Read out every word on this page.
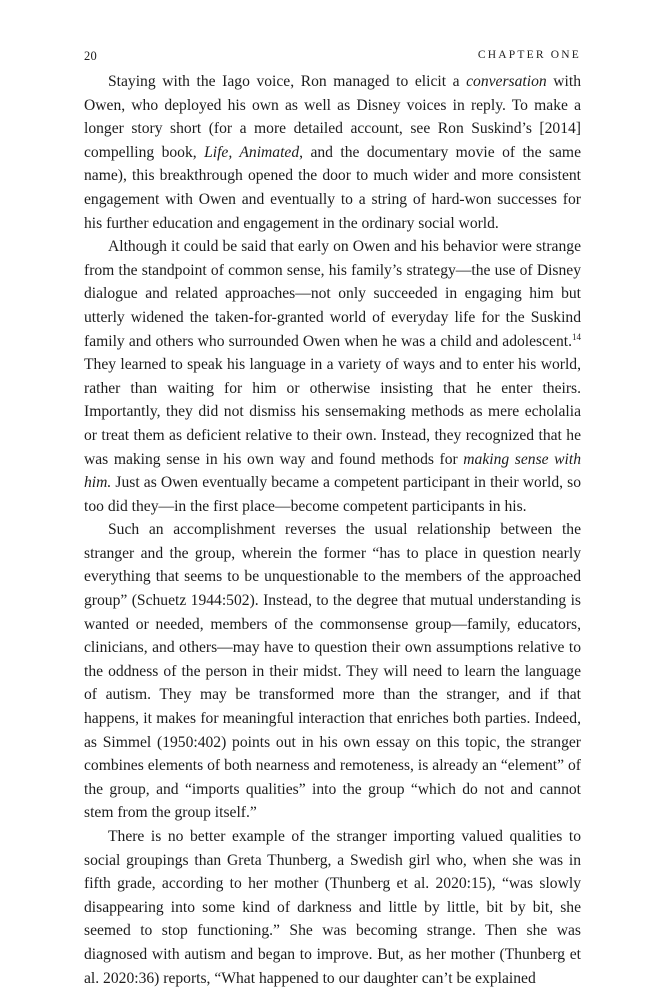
20	CHAPTER ONE

Staying with the Iago voice, Ron managed to elicit a conversation with Owen, who deployed his own as well as Disney voices in reply. To make a longer story short (for a more detailed account, see Ron Suskind’s [2014] compelling book, Life, Animated, and the documentary movie of the same name), this breakthrough opened the door to much wider and more consistent engagement with Owen and eventually to a string of hard-won successes for his further education and engagement in the ordinary social world.

Although it could be said that early on Owen and his behavior were strange from the standpoint of common sense, his family’s strategy—the use of Disney dialogue and related approaches—not only succeeded in engaging him but utterly widened the taken-for-granted world of everyday life for the Suskind family and others who surrounded Owen when he was a child and adolescent.$^{14}$ They learned to speak his language in a variety of ways and to enter his world, rather than waiting for him or otherwise insisting that he enter theirs. Importantly, they did not dismiss his sensemaking methods as mere echolalia or treat them as deficient relative to their own. Instead, they recognized that he was making sense in his own way and found methods for making sense with him. Just as Owen eventually became a competent participant in their world, so too did they—in the first place—become competent participants in his.

Such an accomplishment reverses the usual relationship between the stranger and the group, wherein the former “has to place in question nearly everything that seems to be unquestionable to the members of the approached group” (Schuetz 1944:502). Instead, to the degree that mutual understanding is wanted or needed, members of the commonsense group—family, educators, clinicians, and others—may have to question their own assumptions relative to the oddness of the person in their midst. They will need to learn the language of autism. They may be transformed more than the stranger, and if that happens, it makes for meaningful interaction that enriches both parties. Indeed, as Simmel (1950:402) points out in his own essay on this topic, the stranger combines elements of both nearness and remoteness, is already an “element” of the group, and “imports qualities” into the group “which do not and cannot stem from the group itself.”

There is no better example of the stranger importing valued qualities to social groupings than Greta Thunberg, a Swedish girl who, when she was in fifth grade, according to her mother (Thunberg et al. 2020:15), “was slowly disappearing into some kind of darkness and little by little, bit by bit, she seemed to stop functioning.” She was becoming strange. Then she was diagnosed with autism and began to improve. But, as her mother (Thunberg et al. 2020:36) reports, “What happened to our daughter can’t be explained
